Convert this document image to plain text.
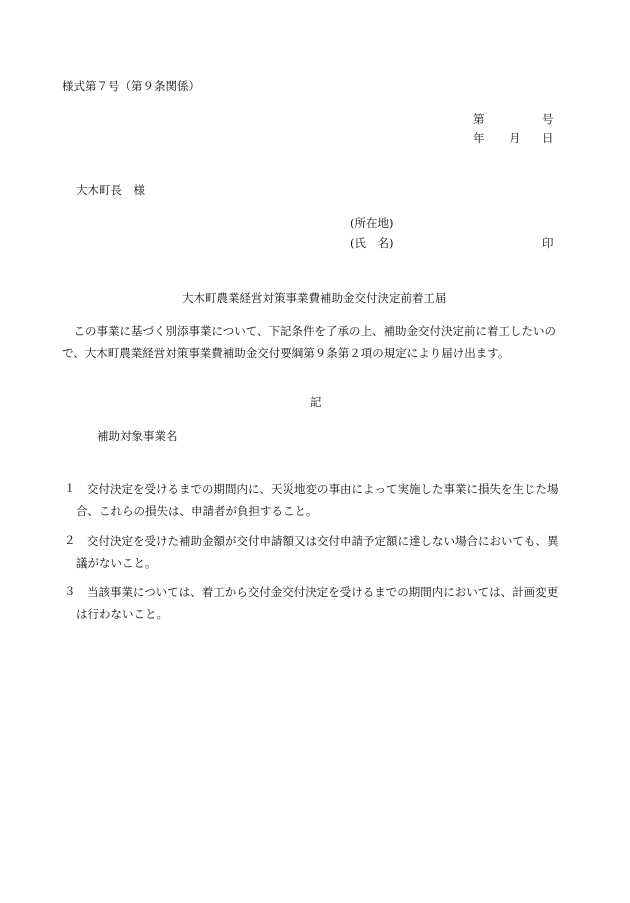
様式第７号（第９条関係）
第	号
年 月 日
大木町長　様
(所在地)
(氏　名)	印
大木町農業経営対策事業費補助金交付決定前着工届
　この事業に基づく別添事業について、下記条件を了承の上、補助金交付決定前に着工したいの
で、大木町農業経営対策事業費補助金交付要綱第９条第２項の規定により届け出ます。
記
補助対象事業名
１ 交付決定を受けるまでの期間内に、天災地変の事由によって実施した事業に損失を生じた場
合、これらの損失は、申請者が負担すること。
２ 交付決定を受けた補助金額が交付申請額又は交付申請予定額に達しない場合においても、異
議がないこと。
３ 当該事業については、着工から交付金交付決定を受けるまでの期間内においては、計画変更
は行わないこと。
